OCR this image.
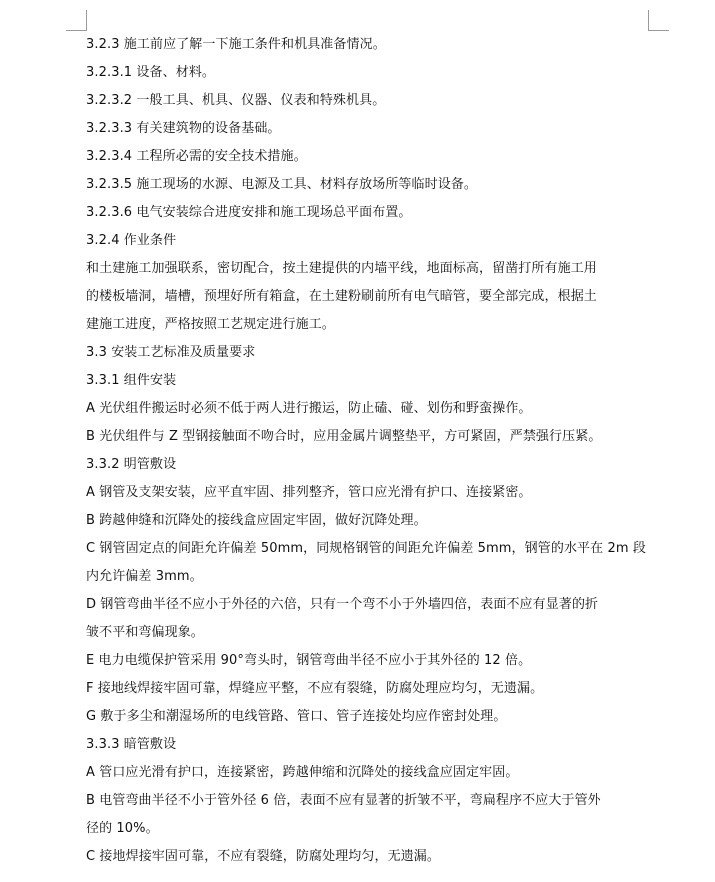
3.2.3 施工前应了解一下施工条件和机具准备情况。
3.2.3.1 设备、材料。
3.2.3.2 一般工具、机具、仪器、仪表和特殊机具。
3.2.3.3 有关建筑物的设备基础。
3.2.3.4 工程所必需的安全技术措施。
3.2.3.5 施工现场的水源、电源及工具、材料存放场所等临时设备。
3.2.3.6 电气安装综合进度安排和施工现场总平面布置。
3.2.4 作业条件
和土建施工加强联系，密切配合，按土建提供的内墙平线，地面标高，留凿打所有施工用
的楼板墙洞，墙槽，预埋好所有箱盒，在土建粉刷前所有电气暗管，要全部完成，根据土
建施工进度，严格按照工艺规定进行施工。
3.3 安装工艺标准及质量要求
3.3.1 组件安装
A 光伏组件搬运时必须不低于两人进行搬运，防止磕、碰、划伤和野蛮操作。
B 光伏组件与 Z 型钢接触面不吻合时，应用金属片调整垫平，方可紧固，严禁强行压紧。
3.3.2 明管敷设
A 钢管及支架安装，应平直牢固、排列整齐，管口应光滑有护口、连接紧密。
B 跨越伸缝和沉降处的接线盒应固定牢固，做好沉降处理。
C 钢管固定点的间距允许偏差 50mm，同规格钢管的间距允许偏差 5mm，钢管的水平在 2m 段
内允许偏差 3mm。
D 钢管弯曲半径不应小于外径的六倍，只有一个弯不小于外墙四倍，表面不应有显著的折
皱不平和弯偏现象。
E 电力电缆保护管采用 90°弯头时，钢管弯曲半径不应小于其外径的 12 倍。
F 接地线焊接牢固可靠，焊缝应平整，不应有裂缝，防腐处理应均匀，无遗漏。
G 敷于多尘和潮湿场所的电线管路、管口、管子连接处均应作密封处理。
3.3.3 暗管敷设
A 管口应光滑有护口，连接紧密，跨越伸缩和沉降处的接线盒应固定牢固。
B 电管弯曲半径不小于管外径 6 倍，表面不应有显著的折皱不平，弯扁程序不应大于管外
径的 10%。
C 接地焊接牢固可靠，不应有裂缝，防腐处理均匀，无遗漏。
